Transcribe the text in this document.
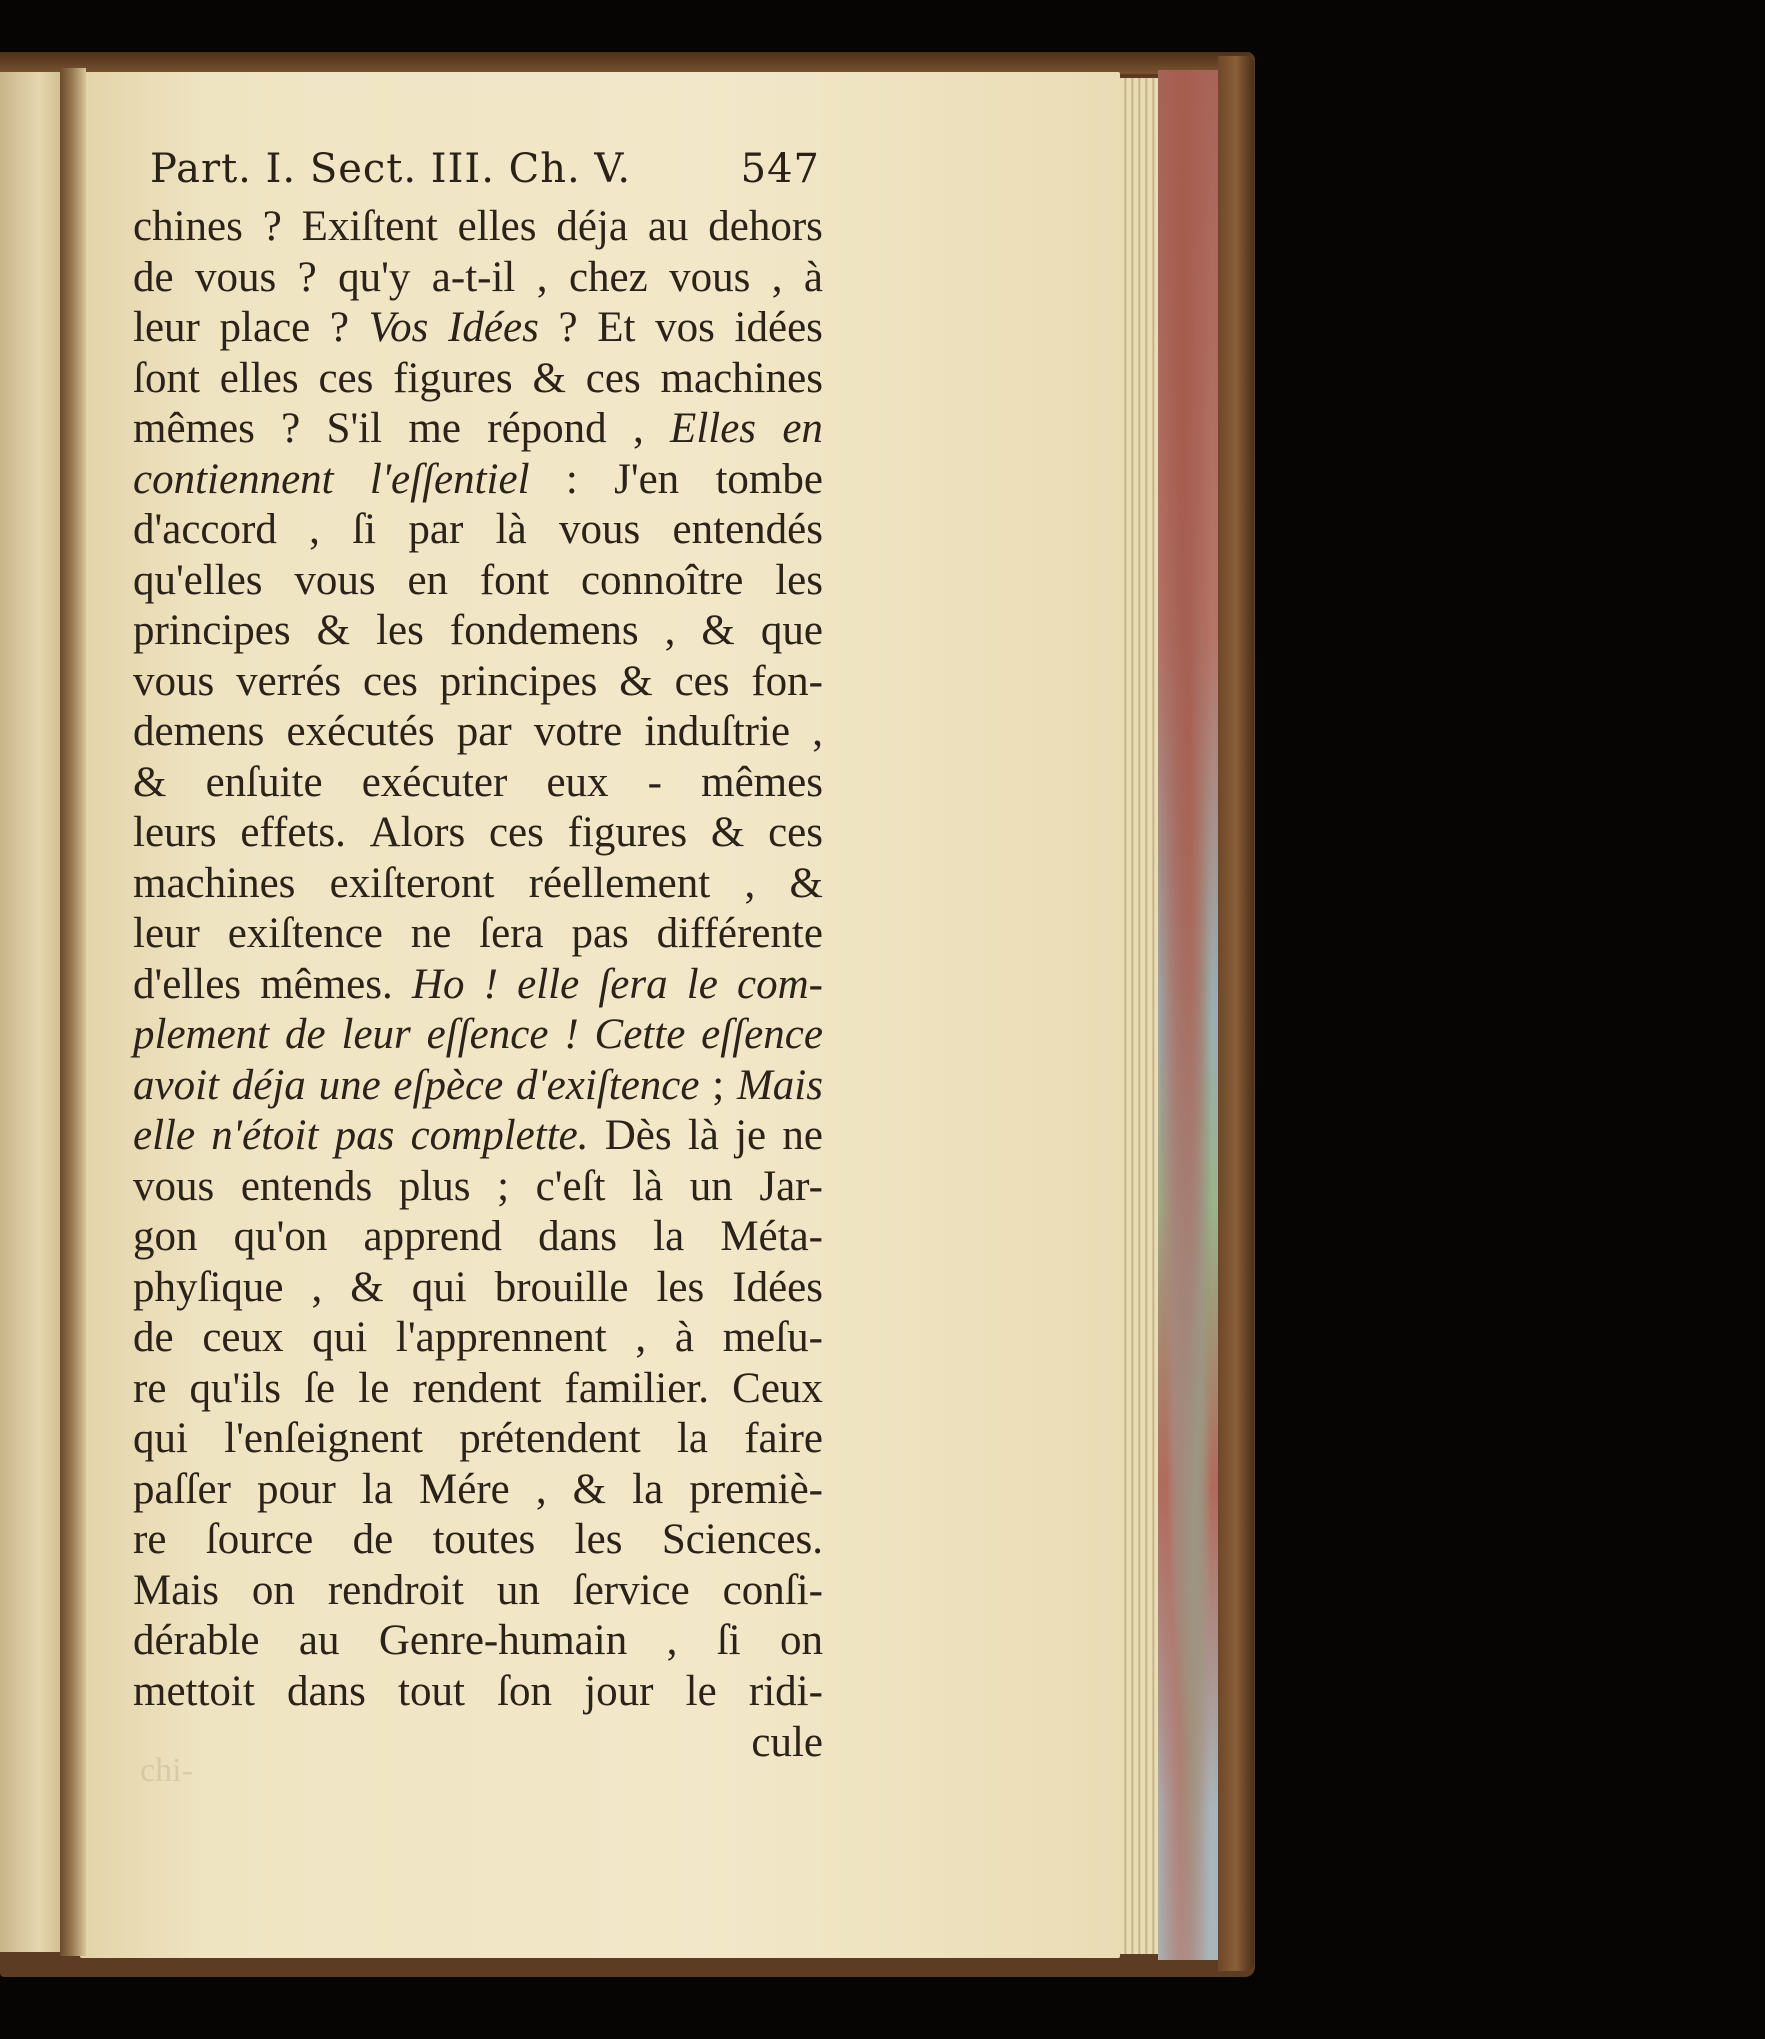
Part. I. Sect. III. Ch. V.	547
chines ? Exiſtent elles déja au dehors
de vous ? qu'y a-t-il , chez vous , à
leur place ? Vos Idées ? Et vos idées
ſont elles ces figures & ces machines
mêmes ? S'il me répond , Elles en
contiennent l'eſſentiel : J'en tombe
d'accord , ſi par là vous entendés
qu'elles vous en font connoître les
principes & les fondemens , & que
vous verrés ces principes & ces fon-
demens exécutés par votre induſtrie ,
& enſuite exécuter eux - mêmes
leurs effets. Alors ces figures & ces
machines exiſteront réellement , &
leur exiſtence ne ſera pas différente
d'elles mêmes. Ho ! elle ſera le com-
plement de leur eſſence ! Cette eſſence
avoit déja une eſpèce d'exiſtence ; Mais
elle n'étoit pas complette. Dès là je ne
vous entends plus ; c'eſt là un Jar-
gon qu'on apprend dans la Méta-
phyſique , & qui brouille les Idées
de ceux qui l'apprennent , à meſu-
re qu'ils ſe le rendent familier. Ceux
qui l'enſeignent prétendent la faire
paſſer pour la Mére , & la premiè-
re ſource de toutes les Sciences.
Mais on rendroit un ſervice conſi-
dérable au Genre-humain , ſi on
mettoit dans tout ſon jour le ridi-
chi-
cule
